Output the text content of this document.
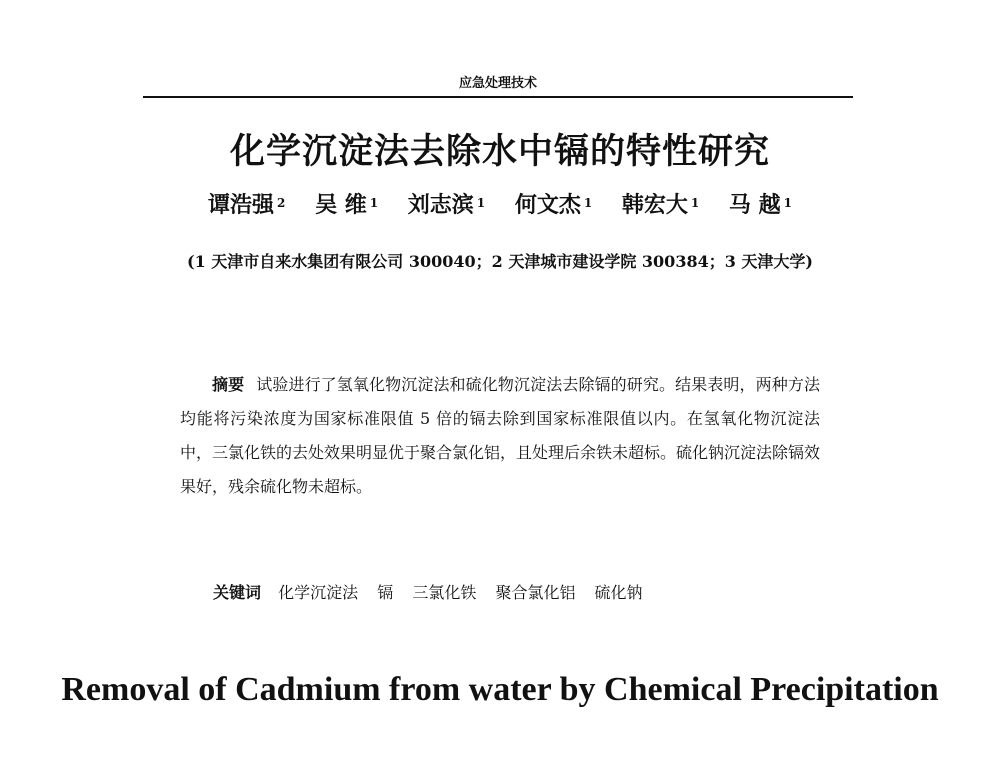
应急处理技术
化学沉淀法去除水中镉的特性研究
谭浩强 $^2$ 吴 维 $^1$ 刘志滨 $^1$ 何文杰 $^1$ 韩宏大 $^1$ 马 越 $^1$
(1 天津市自来水集团有限公司 300040；2 天津城市建设学院 300384；3 天津大学)
摘要 试验进行了氢氧化物沉淀法和硫化物沉淀法去除镉的研究。结果表明，两种方法均能将污染浓度为国家标准限值 5 倍的镉去除到国家标准限值以内。在氢氧化物沉淀法中，三氯化铁的去处效果明显优于聚合氯化铝，且处理后余铁未超标。硫化钠沉淀法除镉效果好，残余硫化物未超标。
关键词 化学沉淀法 镉 三氯化铁 聚合氯化铝 硫化钠
Removal of Cadmium from water by Chemical Precipitation
